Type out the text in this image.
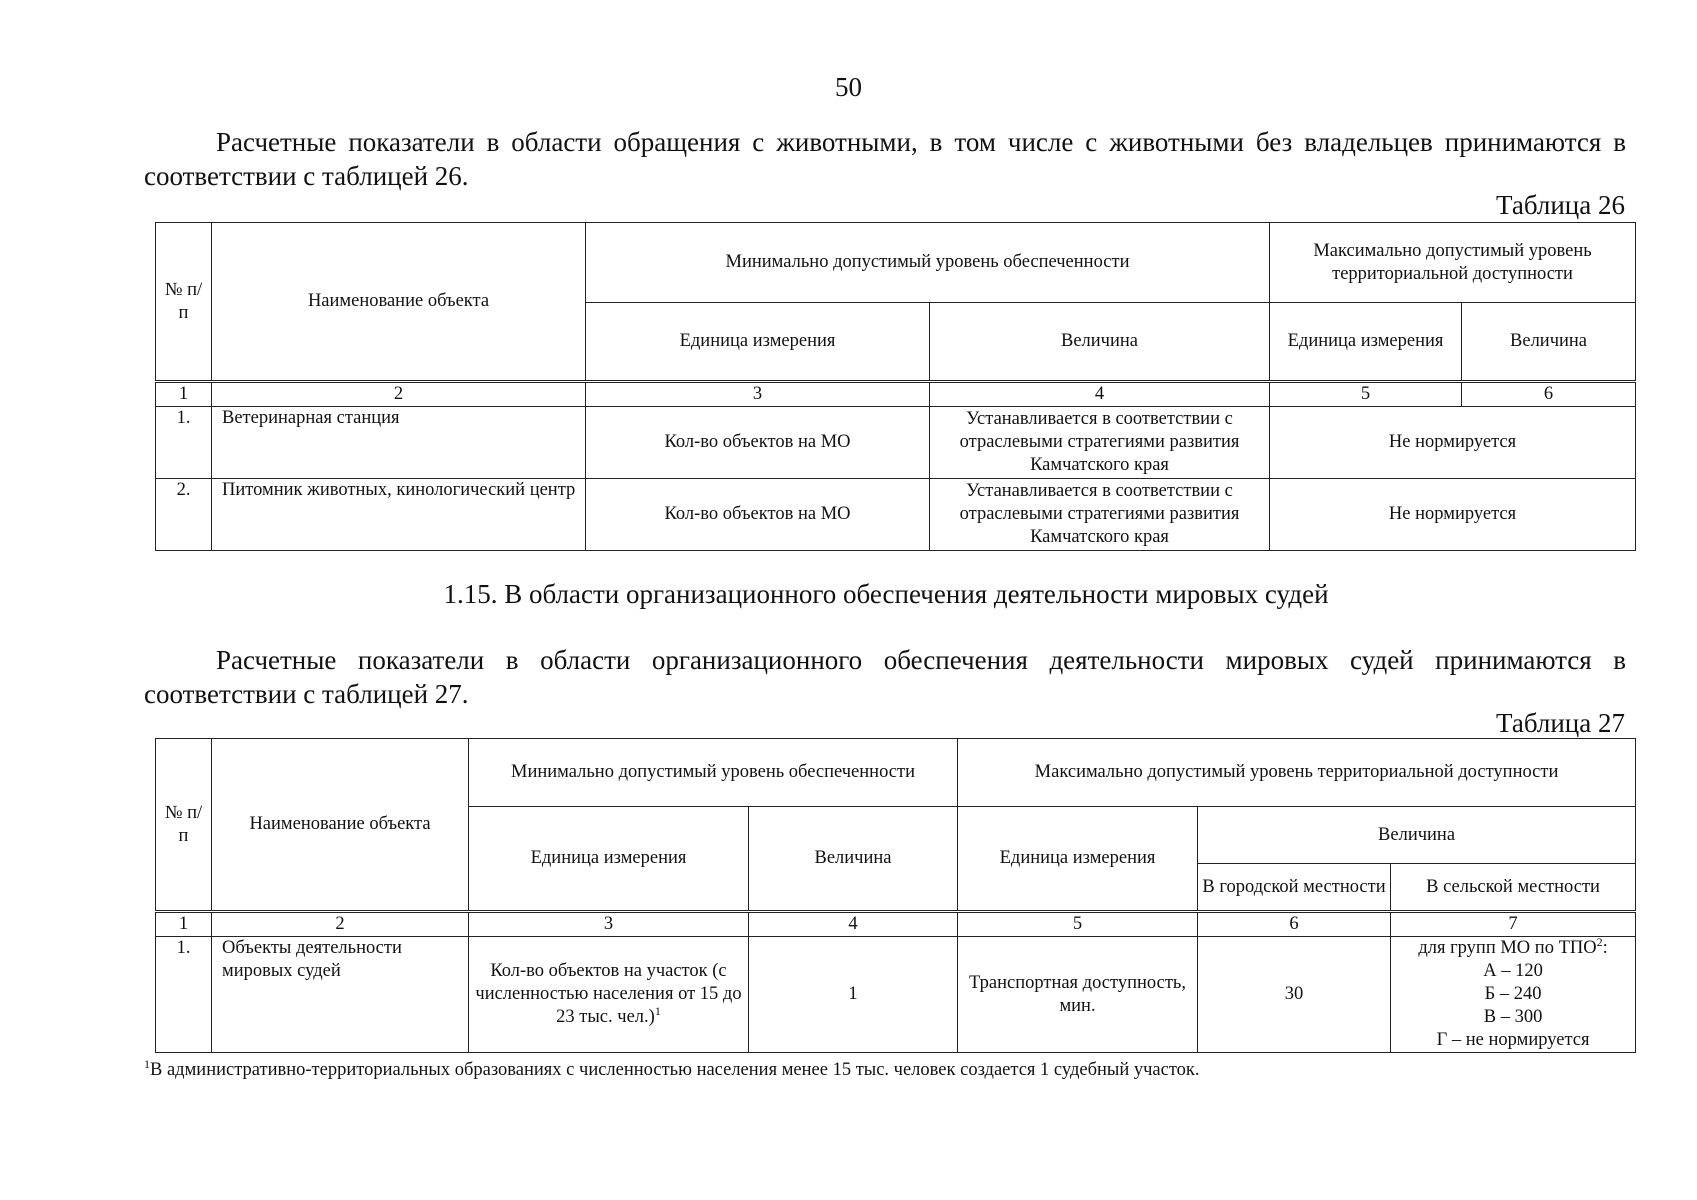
50
Расчетные показатели в области обращения с животными, в том числе с животными без владельцев принимаются в соответствии с таблицей 26.
Таблица 26
№ п/п	Наименование объекта	Минимально допустимый уровень обеспеченности		Максимально допустимый уровень территориальной доступности	
		Единица измерения	Величина	Единица измерения	Величина

1	2	3	4	5	6
1.	Ветеринарная станция	Кол-во объектов на МО	Устанавливается в соответствии с отраслевыми стратегиями развития Камчатского края	Не нормируется	
2.	Питомник животных, кинологический центр	Кол-во объектов на МО	Устанавливается в соответствии с отраслевыми стратегиями развития Камчатского края	Не нормируется	
1.15. В области организационного обеспечения деятельности мировых судей
Расчетные показатели в области организационного обеспечения деятельности мировых судей принимаются в соответствии с таблицей 27.
Таблица 27
№ п/п	Наименование объекта	Минимально допустимый уровень обеспеченности		Максимально допустимый уровень территориальной доступности		
		Единица измерения	Величина	Единица измерения	Величина	
					В городской местности	В сельской местности

1	2	3	4	5	6	7
1.	Объекты деятельности мировых судей	Кол-во объектов на участок (с численностью населения от 15 до 23 тыс. чел.)$^1$	1	Транспортная доступность, мин.	30	для групп МО по ТПО$^2$:
А – 120
Б – 240
В – 300
Г – не нормируется
$^1$В административно-территориальных образованиях с численностью населения менее 15 тыс. человек создается 1 судебный участок.
